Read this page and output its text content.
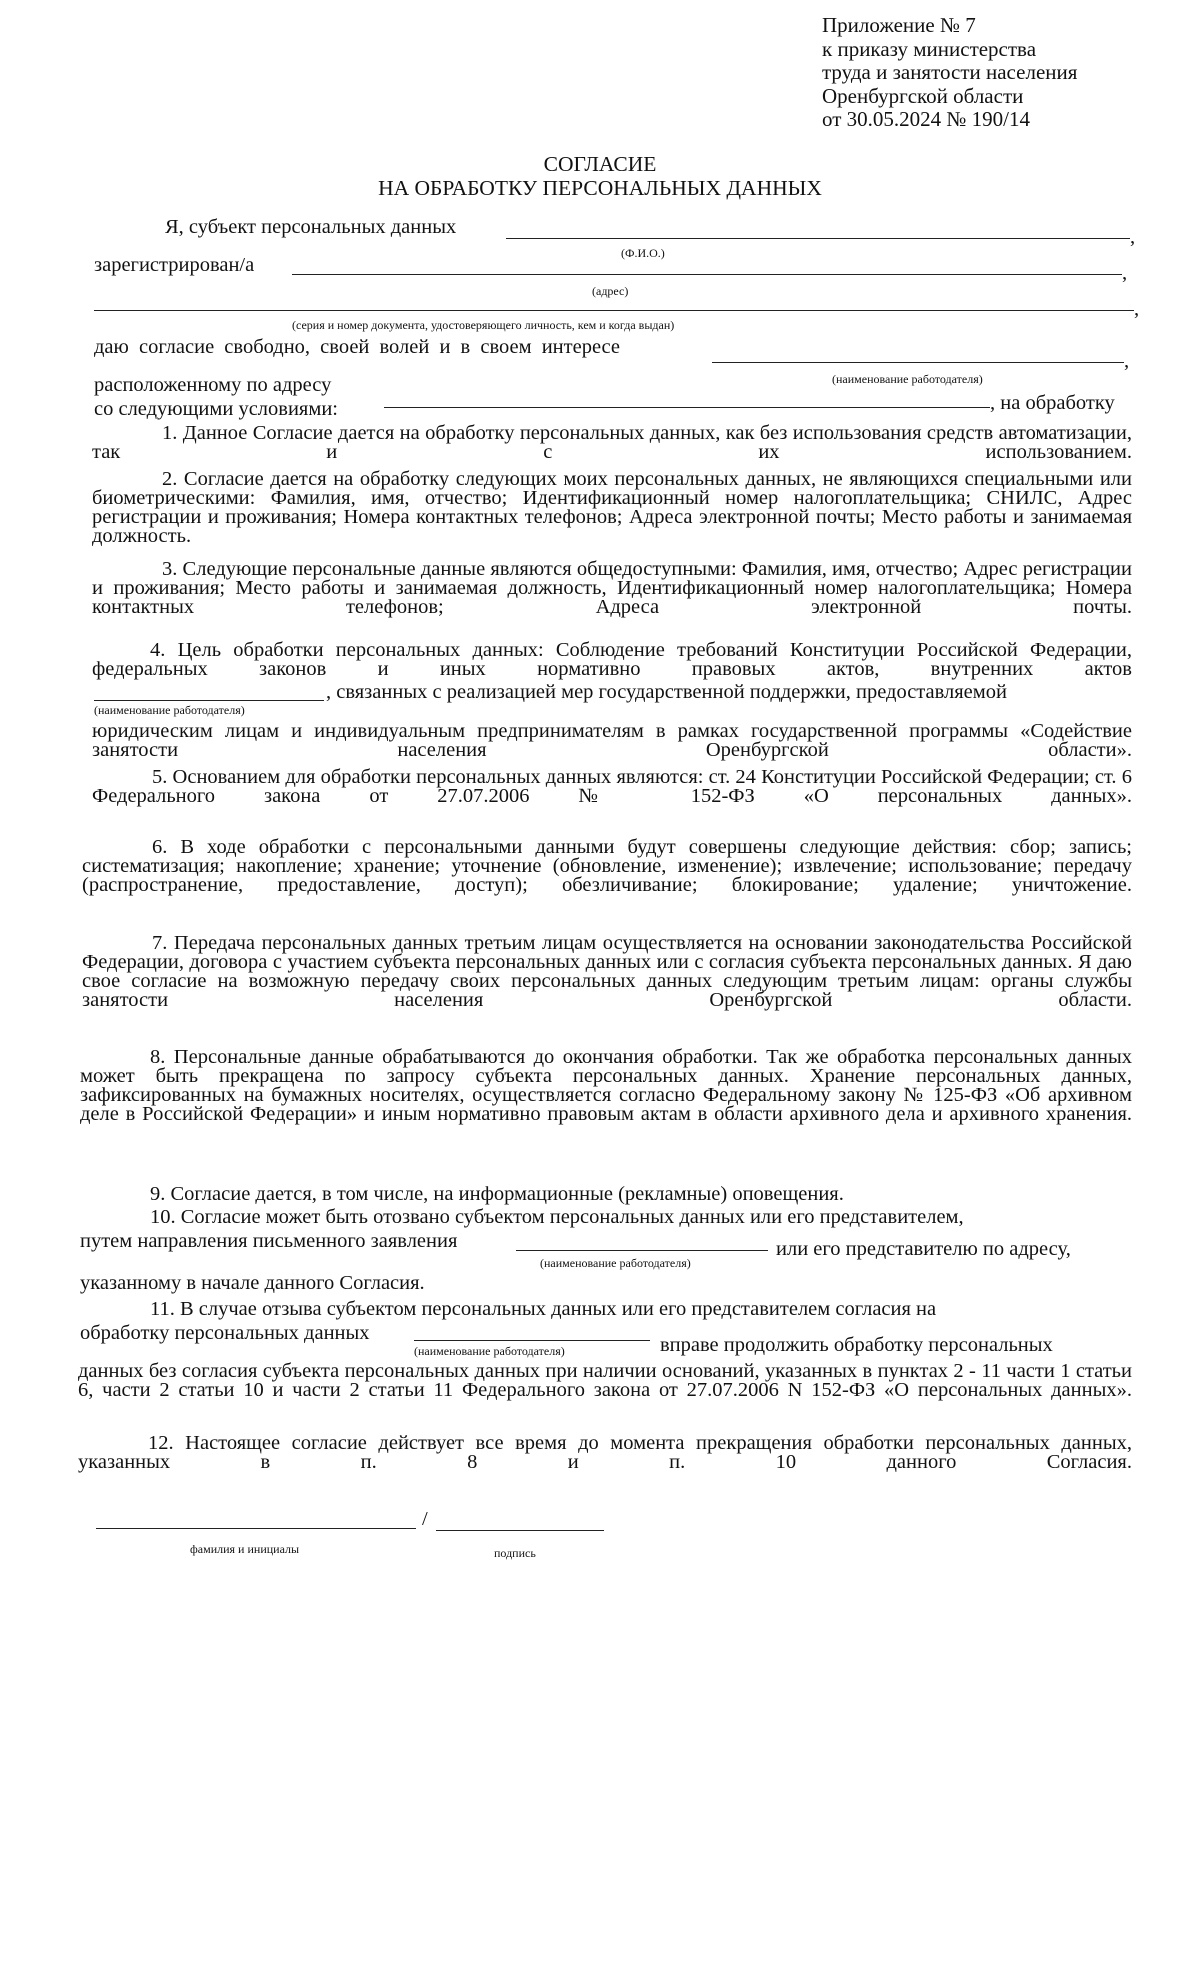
Приложение № 7
к приказу министерства
труда и занятости населения
Оренбургской области
от 30.05.2024 № 190/14
СОГЛАСИЕ
НА ОБРАБОТКУ ПЕРСОНАЛЬНЫХ ДАННЫХ
Я, субъект персональных данных	,
(Ф.И.О.)
зарегистрирован/а	,
(адрес)
,
(серия и номер документа, удостоверяющего личность, кем и когда выдан)
даю согласие свободно, своей волей и в своем интересе
,
(наименование работодателя)
расположенному по адресу
, на обработку
со следующими условиями:
1. Данное Согласие дается на обработку персональных данных, как без использования средств автоматизации, так и с их использованием.
2. Согласие дается на обработку следующих моих персональных данных, не являющихся специальными или биометрическими: Фамилия, имя, отчество; Идентификационный номер налогоплательщика; СНИЛС, Адрес регистрации и проживания; Номера контактных телефонов; Адреса электронной почты; Место работы и занимаемая должность.
3. Следующие персональные данные являются общедоступными: Фамилия, имя, отчество; Адрес регистрации и проживания; Место работы и занимаемая должность, Идентификационный номер налогоплательщика; Номера контактных телефонов; Адреса электронной почты.
4. Цель обработки персональных данных: Соблюдение требований Конституции Российской Федерации, федеральных законов и иных нормативно правовых актов, внутренних актов
(наименование работодателя)
, связанных с реализацией мер государственной поддержки, предоставляемой
юридическим лицам и индивидуальным предпринимателям в рамках государственной программы «Содействие занятости населения Оренбургской области».
5. Основанием для обработки персональных данных являются: ст. 24 Конституции Российской Федерации; ст. 6 Федерального закона от 27.07.2006 № 152-ФЗ «О персональных данных».
6. В ходе обработки с персональными данными будут совершены следующие действия: сбор; запись; систематизация; накопление; хранение; уточнение (обновление, изменение); извлечение; использование; передачу (распространение, предоставление, доступ); обезличивание; блокирование; удаление; уничтожение.
7. Передача персональных данных третьим лицам осуществляется на основании законодательства Российской Федерации, договора с участием субъекта персональных данных или с согласия субъекта персональных данных. Я даю свое согласие на возможную передачу своих персональных данных следующим третьим лицам: органы службы занятости населения Оренбургской области.
8. Персональные данные обрабатываются до окончания обработки. Так же обработка персональных данных может быть прекращена по запросу субъекта персональных данных. Хранение персональных данных, зафиксированных на бумажных носителях, осуществляется согласно Федеральному закону № 125-ФЗ «Об архивном деле в Российской Федерации» и иным нормативно правовым актам в области архивного дела и архивного хранения.
9. Согласие дается, в том числе, на информационные (рекламные) оповещения.
10. Согласие может быть отозвано субъектом персональных данных или его представителем,
путем направления письменного заявления
(наименование работодателя)
или его представителю по адресу,
указанному в начале данного Согласия.
11. В случае отзыва субъектом персональных данных или его представителем согласия на
обработку персональных данных
(наименование работодателя)	вправе продолжить обработку персональных
данных без согласия субъекта персональных данных при наличии оснований, указанных в пунктах 2 - 11 части 1 статьи 6, части 2 статьи 10 и части 2 статьи 11 Федерального закона от 27.07.2006 N 152-ФЗ «О персональных данных».
12. Настоящее согласие действует все время до момента прекращения обработки персональных данных, указанных в п. 8 и п. 10 данного Согласия.
/
фамилия и инициалы	подпись
